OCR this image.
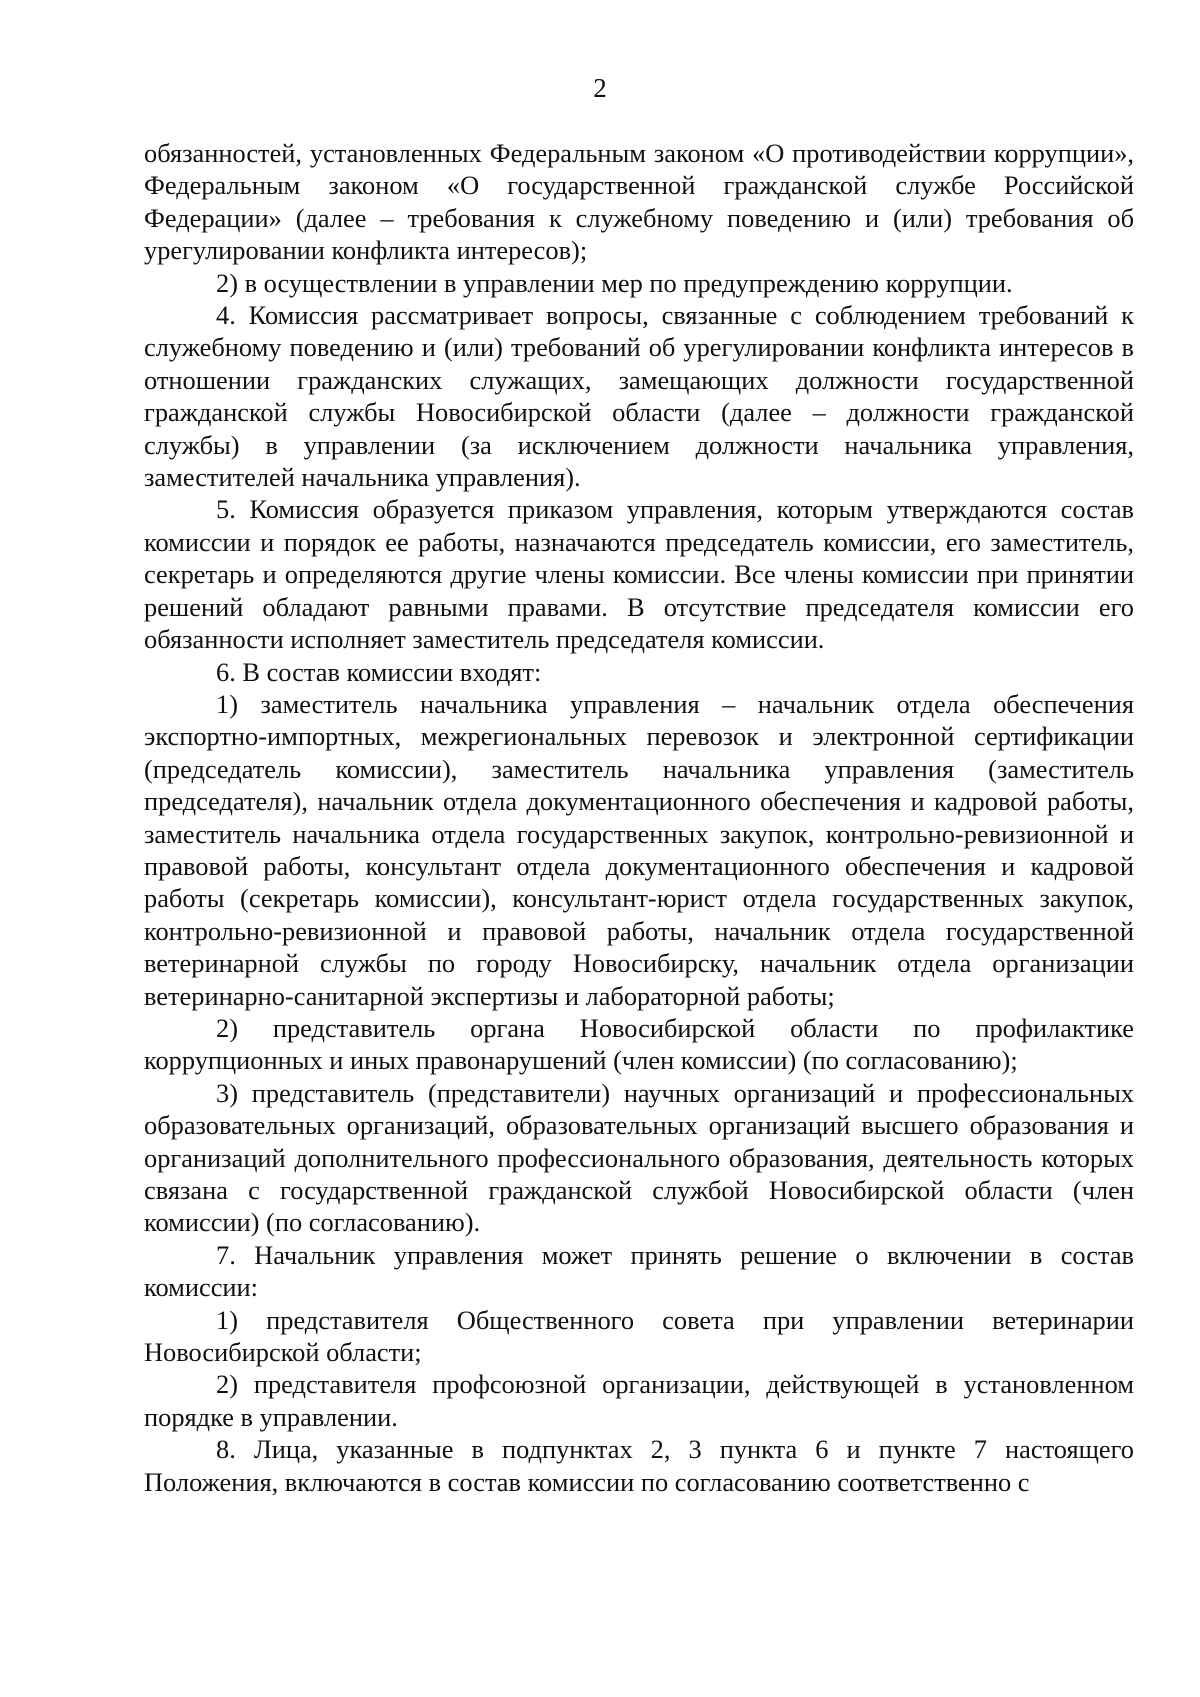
2

обязанностей, установленных Федеральным законом «О противодействии коррупции», Федеральным законом «О государственной гражданской службе Российской Федерации» (далее – требования к служебному поведению и (или) требования об урегулировании конфликта интересов);

2) в осуществлении в управлении мер по предупреждению коррупции.

4. Комиссия рассматривает вопросы, связанные с соблюдением требований к служебному поведению и (или) требований об урегулировании конфликта интересов в отношении гражданских служащих, замещающих должности государственной гражданской службы Новосибирской области (далее – должности гражданской службы) в управлении (за исключением должности начальника управления, заместителей начальника управления).

5. Комиссия образуется приказом управления, которым утверждаются состав комиссии и порядок ее работы, назначаются председатель комиссии, его заместитель, секретарь и определяются другие члены комиссии. Все члены комиссии при принятии решений обладают равными правами. В отсутствие председателя комиссии его обязанности исполняет заместитель председателя комиссии.

6. В состав комиссии входят:

1) заместитель начальника управления – начальник отдела обеспечения экспортно-импортных, межрегиональных перевозок и электронной сертификации (председатель комиссии), заместитель начальника управления (заместитель председателя), начальник отдела документационного обеспечения и кадровой работы, заместитель начальника отдела государственных закупок, контрольно-ревизионной и правовой работы, консультант отдела документационного обеспечения и кадровой работы (секретарь комиссии), консультант-юрист отдела государственных закупок, контрольно-ревизионной и правовой работы, начальник отдела государственной ветеринарной службы по городу Новосибирску, начальник отдела организации ветеринарно-санитарной экспертизы и лабораторной работы;

2) представитель органа Новосибирской области по профилактике коррупционных и иных правонарушений (член комиссии) (по согласованию);

3) представитель (представители) научных организаций и профессиональных образовательных организаций, образовательных организаций высшего образования и организаций дополнительного профессионального образования, деятельность которых связана с государственной гражданской службой Новосибирской области (член комиссии) (по согласованию).

7. Начальник управления может принять решение о включении в состав комиссии:

1) представителя Общественного совета при управлении ветеринарии Новосибирской области;

2) представителя профсоюзной организации, действующей в установленном порядке в управлении.

8. Лица, указанные в подпунктах 2, 3 пункта 6 и пункте 7 настоящего Положения, включаются в состав комиссии по согласованию соответственно с
